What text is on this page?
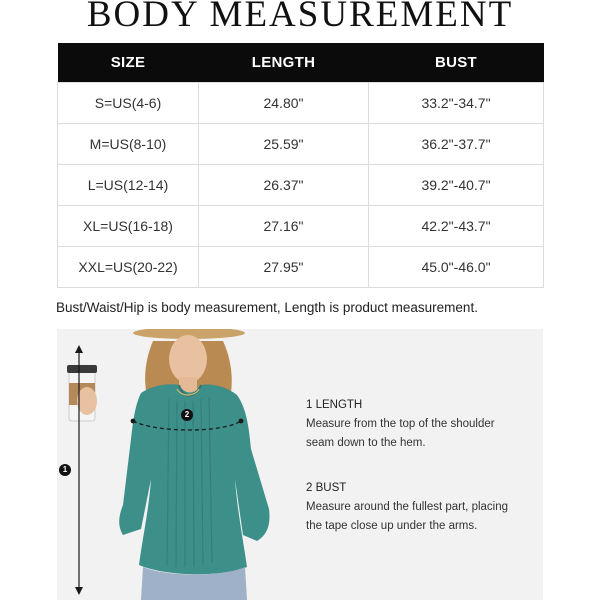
BODY MEASUREMENT
SIZE	LENGTH	BUST
S=US(4-6)	24.80"	33.2"-34.7"
M=US(8-10)	25.59"	36.2"-37.7"
L=US(12-14)	26.37"	39.2"-40.7"
XL=US(16-18)	27.16"	42.2"-43.7"
XXL=US(20-22)	27.95"	45.0"-46.0"
Bust/Waist/Hip is body measurement, Length is product measurement.
1
2
1 LENGTH
Measure from the top of the shoulder
seam down to the hem.
2 BUST
Measure around the fullest part, placing
the tape close up under the arms.
